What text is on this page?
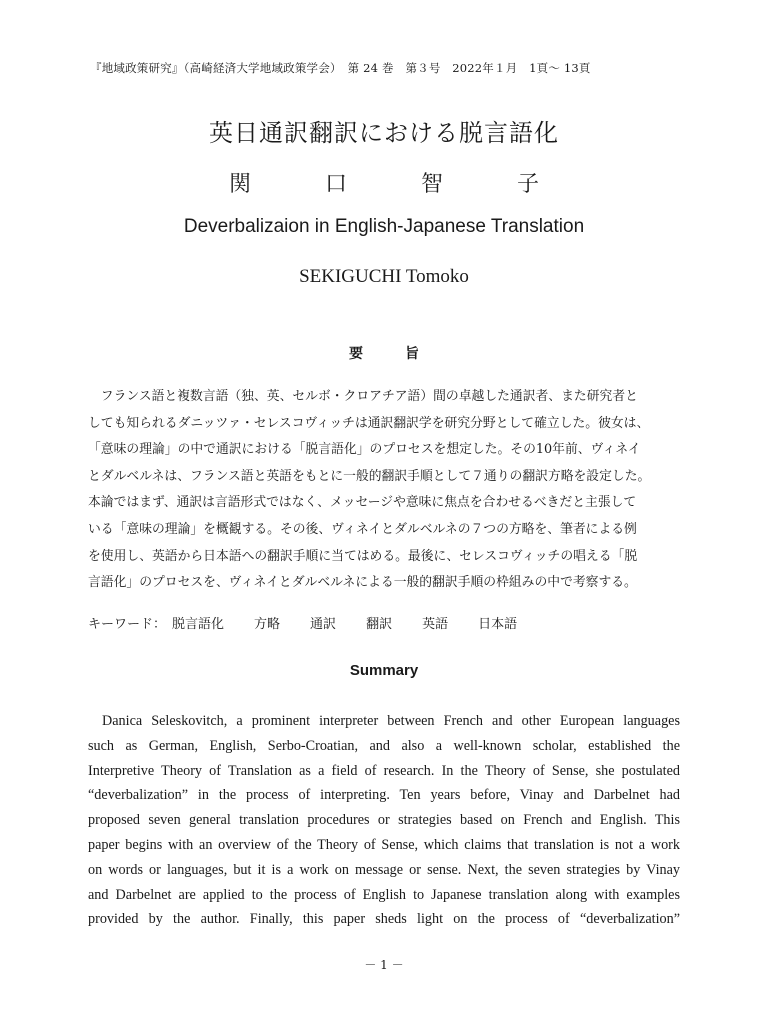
『地域政策研究』（高崎経済大学地域政策学会）　第 24 巻　第３号　2022年１月　1頁〜 13頁
英日通訳翻訳における脱言語化
関　口　智　子
Deverbalizaion in English-Japanese Translation
SEKIGUCHI Tomoko
要　旨
　フランス語と複数言語（独、英、セルボ・クロアチア語）間の卓越した通訳者、また研究者と
しても知られるダニッツァ・セレスコヴィッチは通訳翻訳学を研究分野として確立した。彼女は、
「意味の理論」の中で通訳における「脱言語化」のプロセスを想定した。その10年前、ヴィネイ
とダルベルネは、フランス語と英語をもとに一般的翻訳手順として７通りの翻訳方略を設定した。
本論ではまず、通訳は言語形式ではなく、メッセージや意味に焦点を合わせるべきだと主張して
いる「意味の理論」を概観する。その後、ヴィネイとダルベルネの７つの方略を、筆者による例
を使用し、英語から日本語への翻訳手順に当てはめる。最後に、セレスコヴィッチの唱える「脱
言語化」のプロセスを、ヴィネイとダルベルネによる一般的翻訳手順の枠組みの中で考察する。
キーワード： 脱言語化 方略 通訳 翻訳 英語 日本語
Summary
Danica Seleskovitch, a prominent interpreter between French and other European languages
such as German, English, Serbo-Croatian, and also a well-known scholar, established the
Interpretive Theory of Translation as a field of research. In the Theory of Sense, she postulated
“deverbalization” in the process of interpreting. Ten years before, Vinay and Darbelnet had
proposed seven general translation procedures or strategies based on French and English. This
paper begins with an overview of the Theory of Sense, which claims that translation is not a work
on words or languages, but it is a work on message or sense. Next, the seven strategies by Vinay
and Darbelnet are applied to the process of English to Japanese translation along with examples
provided by the author. Finally, this paper sheds light on the process of “deverbalization”
－ 1 －
